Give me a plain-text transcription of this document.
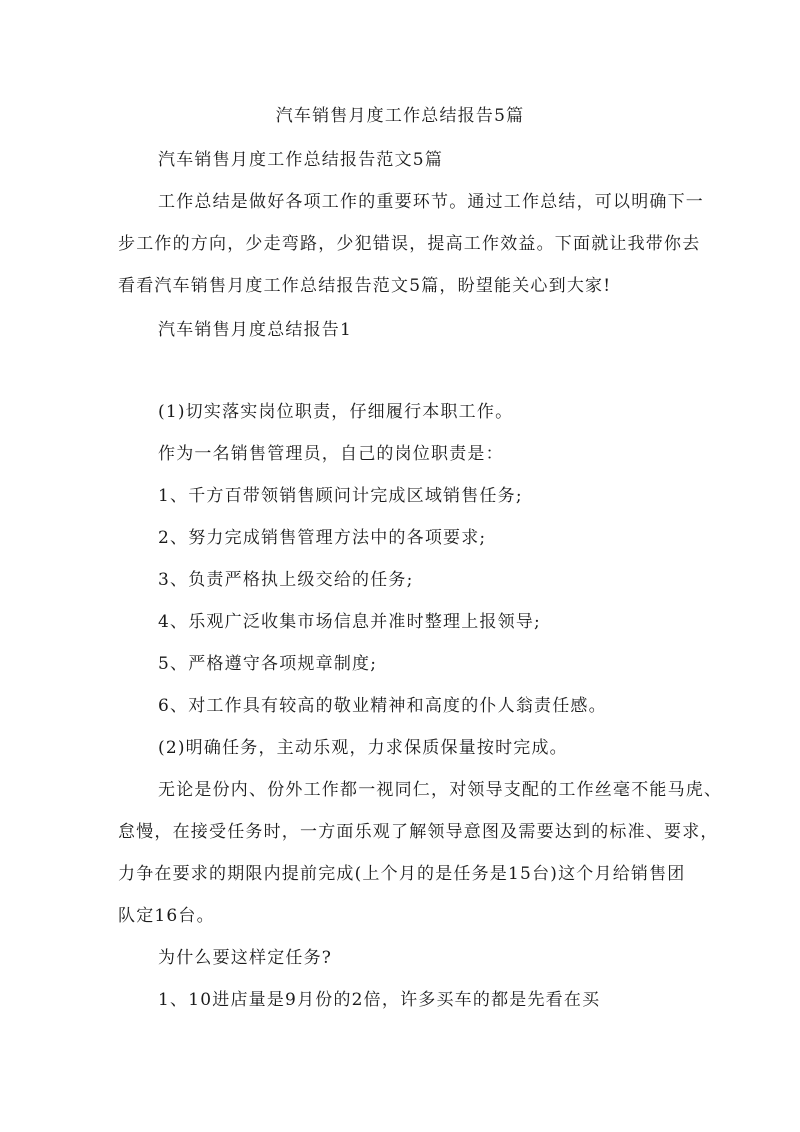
汽车销售月度工作总结报告5篇
汽车销售月度工作总结报告范文5篇
工作总结是做好各项工作的重要环节。通过工作总结，可以明确下一
步工作的方向，少走弯路，少犯错误，提高工作效益。下面就让我带你去
看看汽车销售月度工作总结报告范文5篇，盼望能关心到大家!
汽车销售月度总结报告1
(1)切实落实岗位职责，仔细履行本职工作。
作为一名销售管理员，自己的岗位职责是：
1、千方百带领销售顾问计完成区域销售任务;
2、努力完成销售管理方法中的各项要求;
3、负责严格执上级交给的任务;
4、乐观广泛收集市场信息并准时整理上报领导;
5、严格遵守各项规章制度;
6、对工作具有较高的敬业精神和高度的仆人翁责任感。
(2)明确任务，主动乐观，力求保质保量按时完成。
无论是份内、份外工作都一视同仁，对领导支配的工作丝毫不能马虎、
怠慢，在接受任务时，一方面乐观了解领导意图及需要达到的标准、要求，
力争在要求的期限内提前完成(上个月的是任务是15台)这个月给销售团
队定16台。
为什么要这样定任务?
1、10进店量是9月份的2倍，许多买车的都是先看在买
